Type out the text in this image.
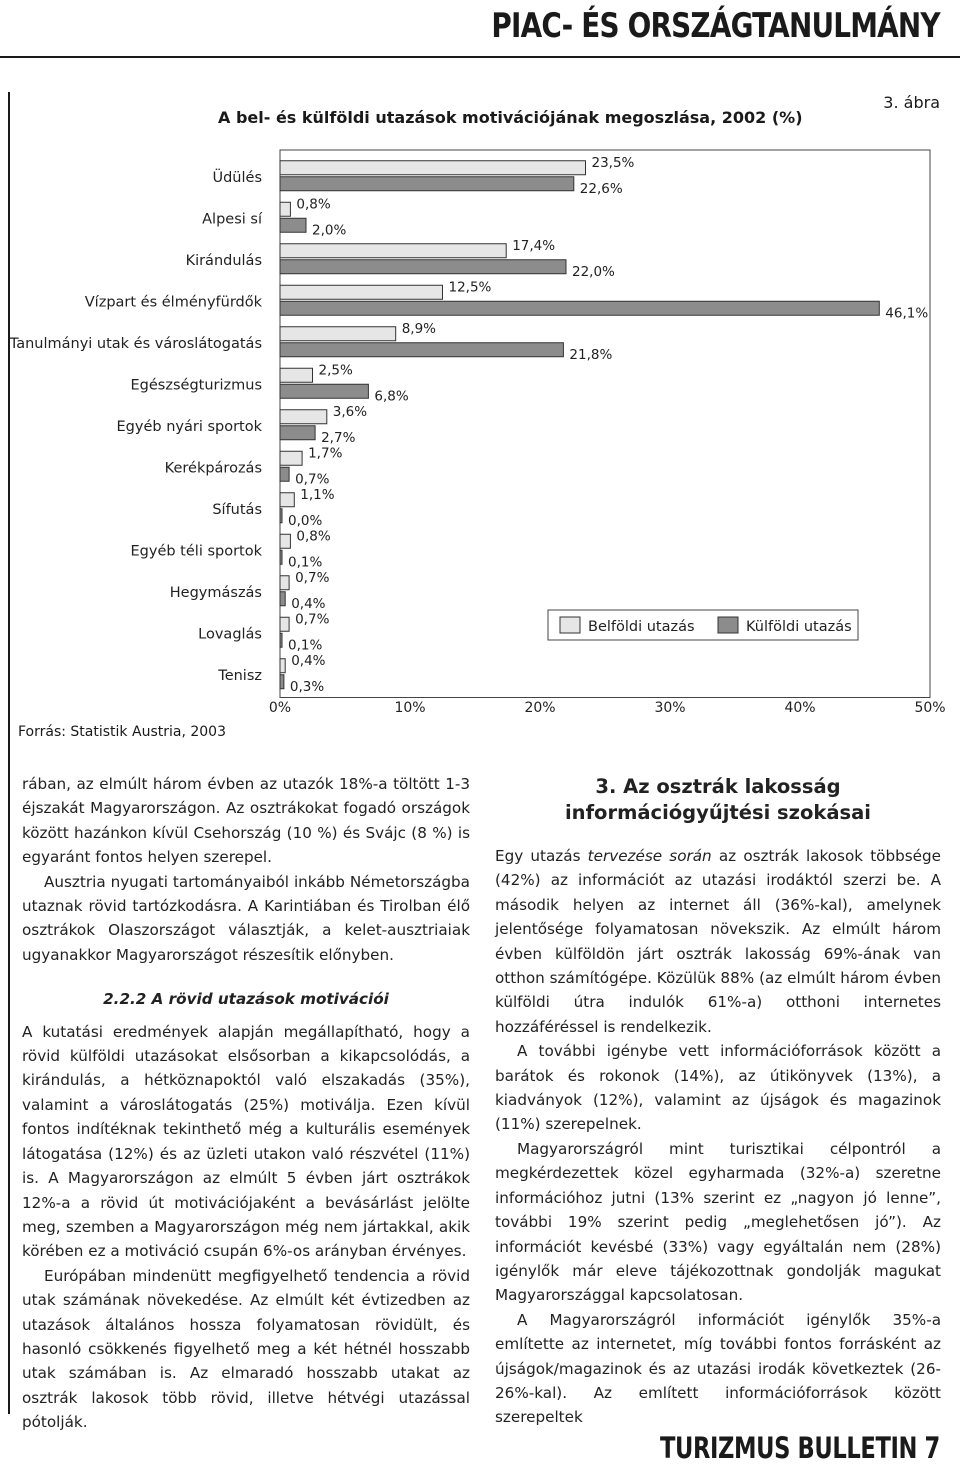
PIAC- ÉS ORSZÁGTANULMÁNY
3. ábra
A bel- és külföldi utazások motivációjának megoszlása, 2002 (%)
0%	10%	20%	30%	40%	50%
Üdülés
23,5%
22,6%
Alpesi sí
0,8%
2,0%
Kirándulás
17,4%
22,0%
Vízpart és élményfürdők
12,5%
46,1%
Tanulmányi utak és városlátogatás
8,9%
21,8%
Egészségturizmus
2,5%
6,8%
Egyéb nyári sportok
3,6%
2,7%
Kerékpározás
1,7%
0,7%
Sífutás
1,1%
0,0%
Egyéb téli sportok
0,8%
0,1%
Hegymászás
0,7%
0,4%
Lovaglás
0,7%
0,1%
Tenisz
0,4%
0,3%
Belföldi utazás	Külföldi utazás
Forrás: Statistik Austria, 2003

rában, az elmúlt három évben az utazók 18%-a töltött 1-3 éjszakát Magyarországon. Az osztrákokat fogadó országok között hazánkon kívül Csehország (10 %) és Svájc (8 %) is egyaránt fontos helyen szerepel.

Ausztria nyugati tartományaiból inkább Németországba utaznak rövid tartózkodásra. A Karintiában és Tirolban élő osztrákok Olaszországot választják, a kelet-ausztriaiak ugyanakkor Magyarországot részesítik előnyben.

2.2.2 A rövid utazások motivációi

A kutatási eredmények alapján megállapítható, hogy a rövid külföldi utazásokat elsősorban a kikapcsolódás, a kirándulás, a hétköznapoktól való elszakadás (35%), valamint a városlátogatás (25%) motiválja. Ezen kívül fontos indítéknak tekinthető még a kulturális események látogatása (12%) és az üzleti utakon való részvétel (11%) is. A Magyarországon az elmúlt 5 évben járt osztrákok 12%-a a rövid út motivációjaként a bevásárlást jelölte meg, szemben a Magyarországon még nem jártakkal, akik körében ez a motiváció csupán 6%-os arányban érvényes.

Európában mindenütt megfigyelhető tendencia a rövid utak számának növekedése. Az elmúlt két évtizedben az utazások általános hossza folyamatosan rövidült, és hasonló csökkenés figyelhető meg a két hétnél hosszabb utak számában is. Az elmaradó hosszabb utakat az osztrák lakosok több rövid, illetve hétvégi utazással pótolják.

3. Az osztrák lakosság információgyűjtési szokásai

Egy utazás tervezése során az osztrák lakosok többsége (42%) az információt az utazási irodáktól szerzi be. A második helyen az internet áll (36%-kal), amelynek jelentősége folyamatosan növekszik. Az elmúlt három évben külföldön járt osztrák lakosság 69%-ának van otthon számítógépe. Közülük 88% (az elmúlt három évben külföldi útra indulók 61%-a) otthoni internetes hozzáféréssel is rendelkezik.

A további igénybe vett információforrások között a barátok és rokonok (14%), az útikönyvek (13%), a kiadványok (12%), valamint az újságok és magazinok (11%) szerepelnek.

Magyarországról mint turisztikai célpontról a megkérdezettek közel egyharmada (32%-a) szeretne információhoz jutni (13% szerint ez „nagyon jó lenne”, további 19% szerint pedig „meglehetősen jó”). Az információt kevésbé (33%) vagy egyáltalán nem (28%) igénylők már eleve tájékozottnak gondolják magukat Magyarországgal kapcsolatosan.

A Magyarországról információt igénylők 35%-a említette az internetet, míg további fontos forrásként az újságok/magazinok és az utazási irodák következtek (26-26%-kal). Az említett információforrások között szerepeltek

TURIZMUS BULLETIN 7
